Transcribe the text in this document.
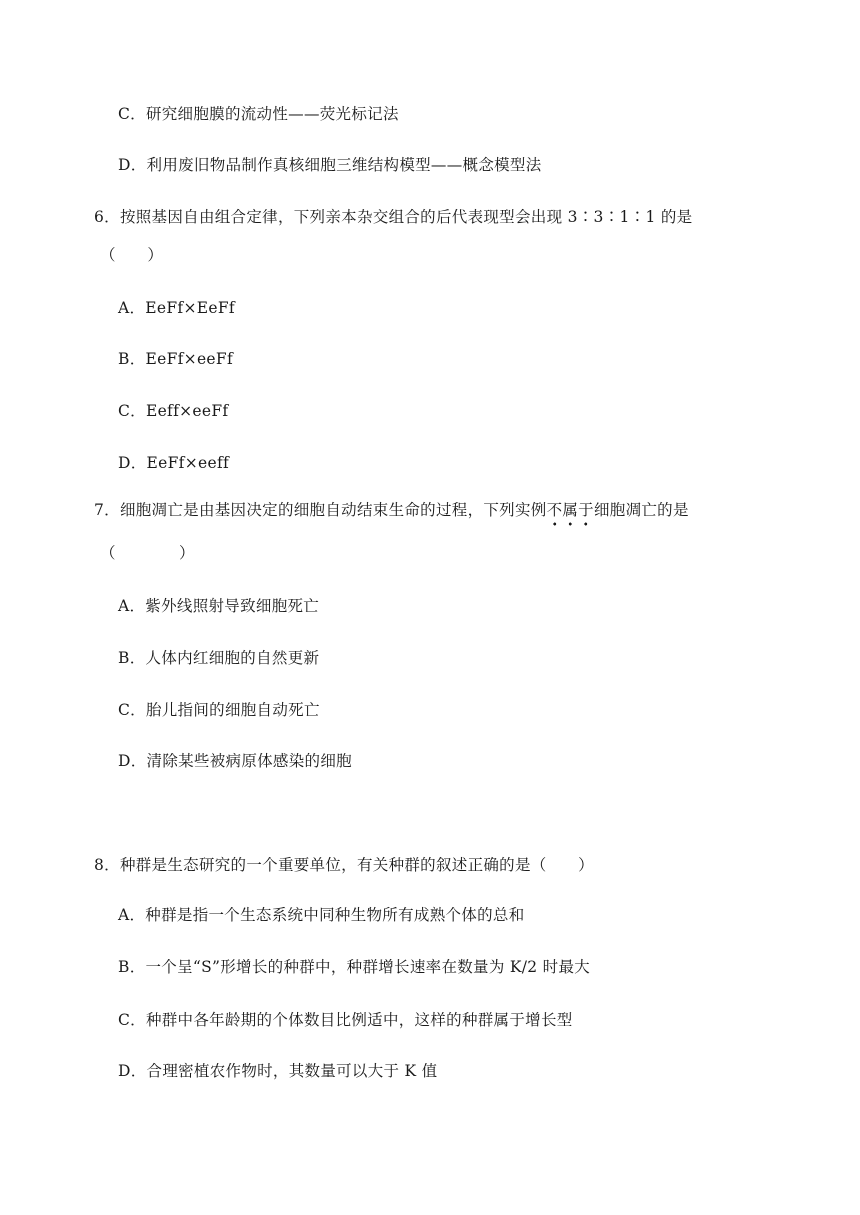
C．研究细胞膜的流动性——荧光标记法
D．利用废旧物品制作真核细胞三维结构模型——概念模型法
6．按照基因自由组合定律，下列亲本杂交组合的后代表现型会出现 3∶3∶1∶1 的是
（　　）
A．EeFf×EeFf
B．EeFf×eeFf
C．Eeff×eeFf
D．EeFf×eeff
7．细胞凋亡是由基因决定的细胞自动结束生命的过程，下列实例不属于细胞凋亡的是
（　　　　）
A．紫外线照射导致细胞死亡
B．人体内红细胞的自然更新
C．胎儿指间的细胞自动死亡
D．清除某些被病原体感染的细胞
8．种群是生态研究的一个重要单位，有关种群的叙述正确的是（　　）
A．种群是指一个生态系统中同种生物所有成熟个体的总和
B．一个呈“S”形增长的种群中，种群增长速率在数量为 K/2 时最大
C．种群中各年龄期的个体数目比例适中，这样的种群属于增长型
D．合理密植农作物时，其数量可以大于 K 值
